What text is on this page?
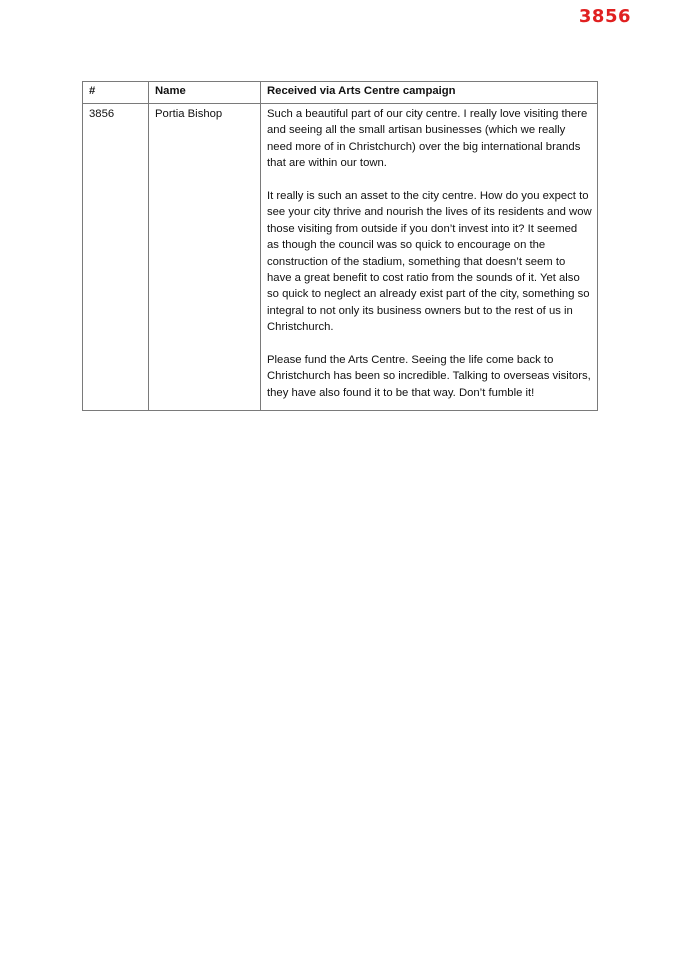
3856
#	Name	Received via Arts Centre campaign
3856	Portia Bishop	Such a beautiful part of our city centre. I really love visiting there and seeing all the small artisan businesses (which we really need more of in Christchurch) over the big international brands that are within our town.

It really is such an asset to the city centre. How do you expect to see your city thrive and nourish the lives of its residents and wow those visiting from outside if you don’t invest into it? It seemed as though the council was so quick to encourage on the construction of the stadium, something that doesn’t seem to have a great benefit to cost ratio from the sounds of it. Yet also so quick to neglect an already exist part of the city, something so integral to not only its business owners but to the rest of us in Christchurch.

Please fund the Arts Centre. Seeing the life come back to Christchurch has been so incredible. Talking to overseas visitors, they have also found it to be that way. Don’t fumble it!
